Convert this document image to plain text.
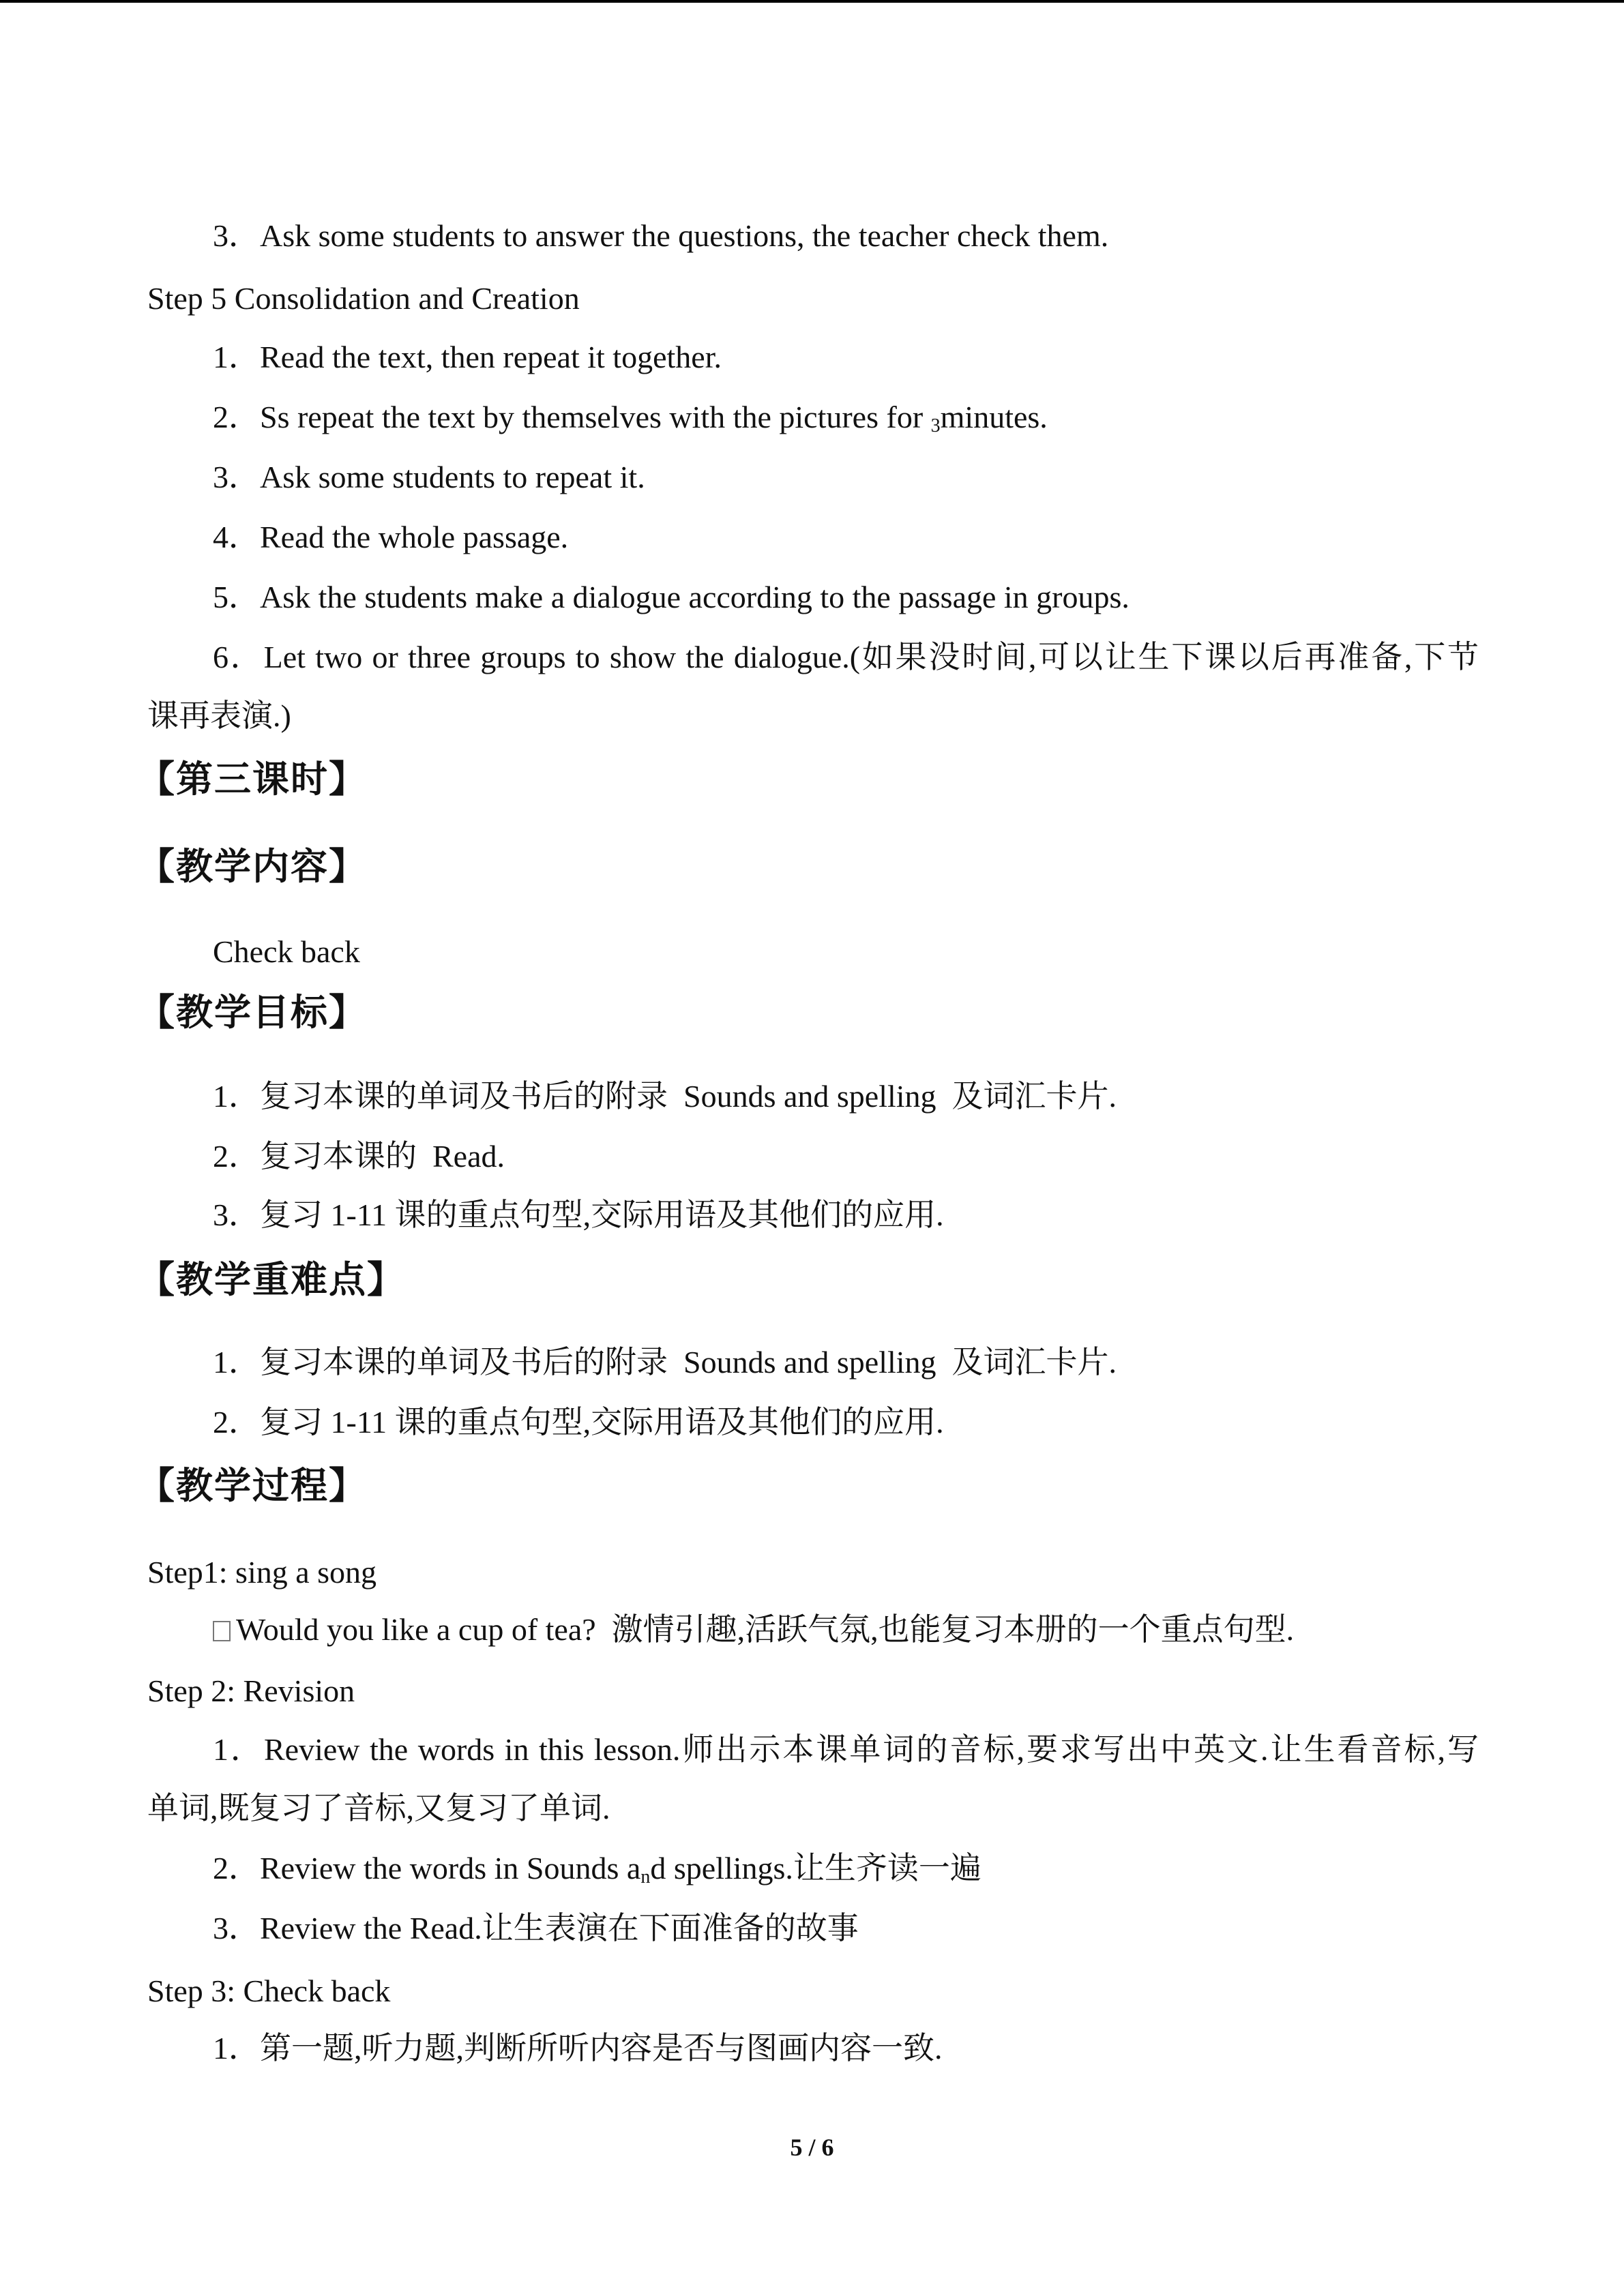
3．Ask some students to answer the questions, the teacher check them.
Step 5 Consolidation and Creation
1．Read the text, then repeat it together.
2．Ss repeat the text by themselves with the pictures for $_3$minutes.
3．Ask some students to repeat it.
4．Read the whole passage.
5．Ask the students make a dialogue according to the passage in groups.
6．Let two or three groups to show the dialogue.(如果没时间,可以让生下课以后再准备,下节
课再表演.)
【第三课时】
【教学内容】
Check back
【教学目标】
1．复习本课的单词及书后的附录  Sounds and spelling  及词汇卡片.
2．复习本课的  Read.
3．复习 1-11 课的重点句型,交际用语及其他们的应用.
【教学重难点】
1．复习本课的单词及书后的附录  Sounds and spelling  及词汇卡片.
2．复习 1-11 课的重点句型,交际用语及其他们的应用.
【教学过程】
Step1: sing a song
Would you like a cup of tea?  激情引趣,活跃气氛,也能复习本册的一个重点句型.
Step 2: Revision
1．Review the words in this lesson.师出示本课单词的音标,要求写出中英文.让生看音标,写
单词,既复习了音标,又复习了单词.
2．Review the words in Sounds $a_nd$ spellings.让生齐读一遍
3．Review the Read.让生表演在下面准备的故事
Step 3: Check back
1．第一题,听力题,判断所听内容是否与图画内容一致.
5 / 6
